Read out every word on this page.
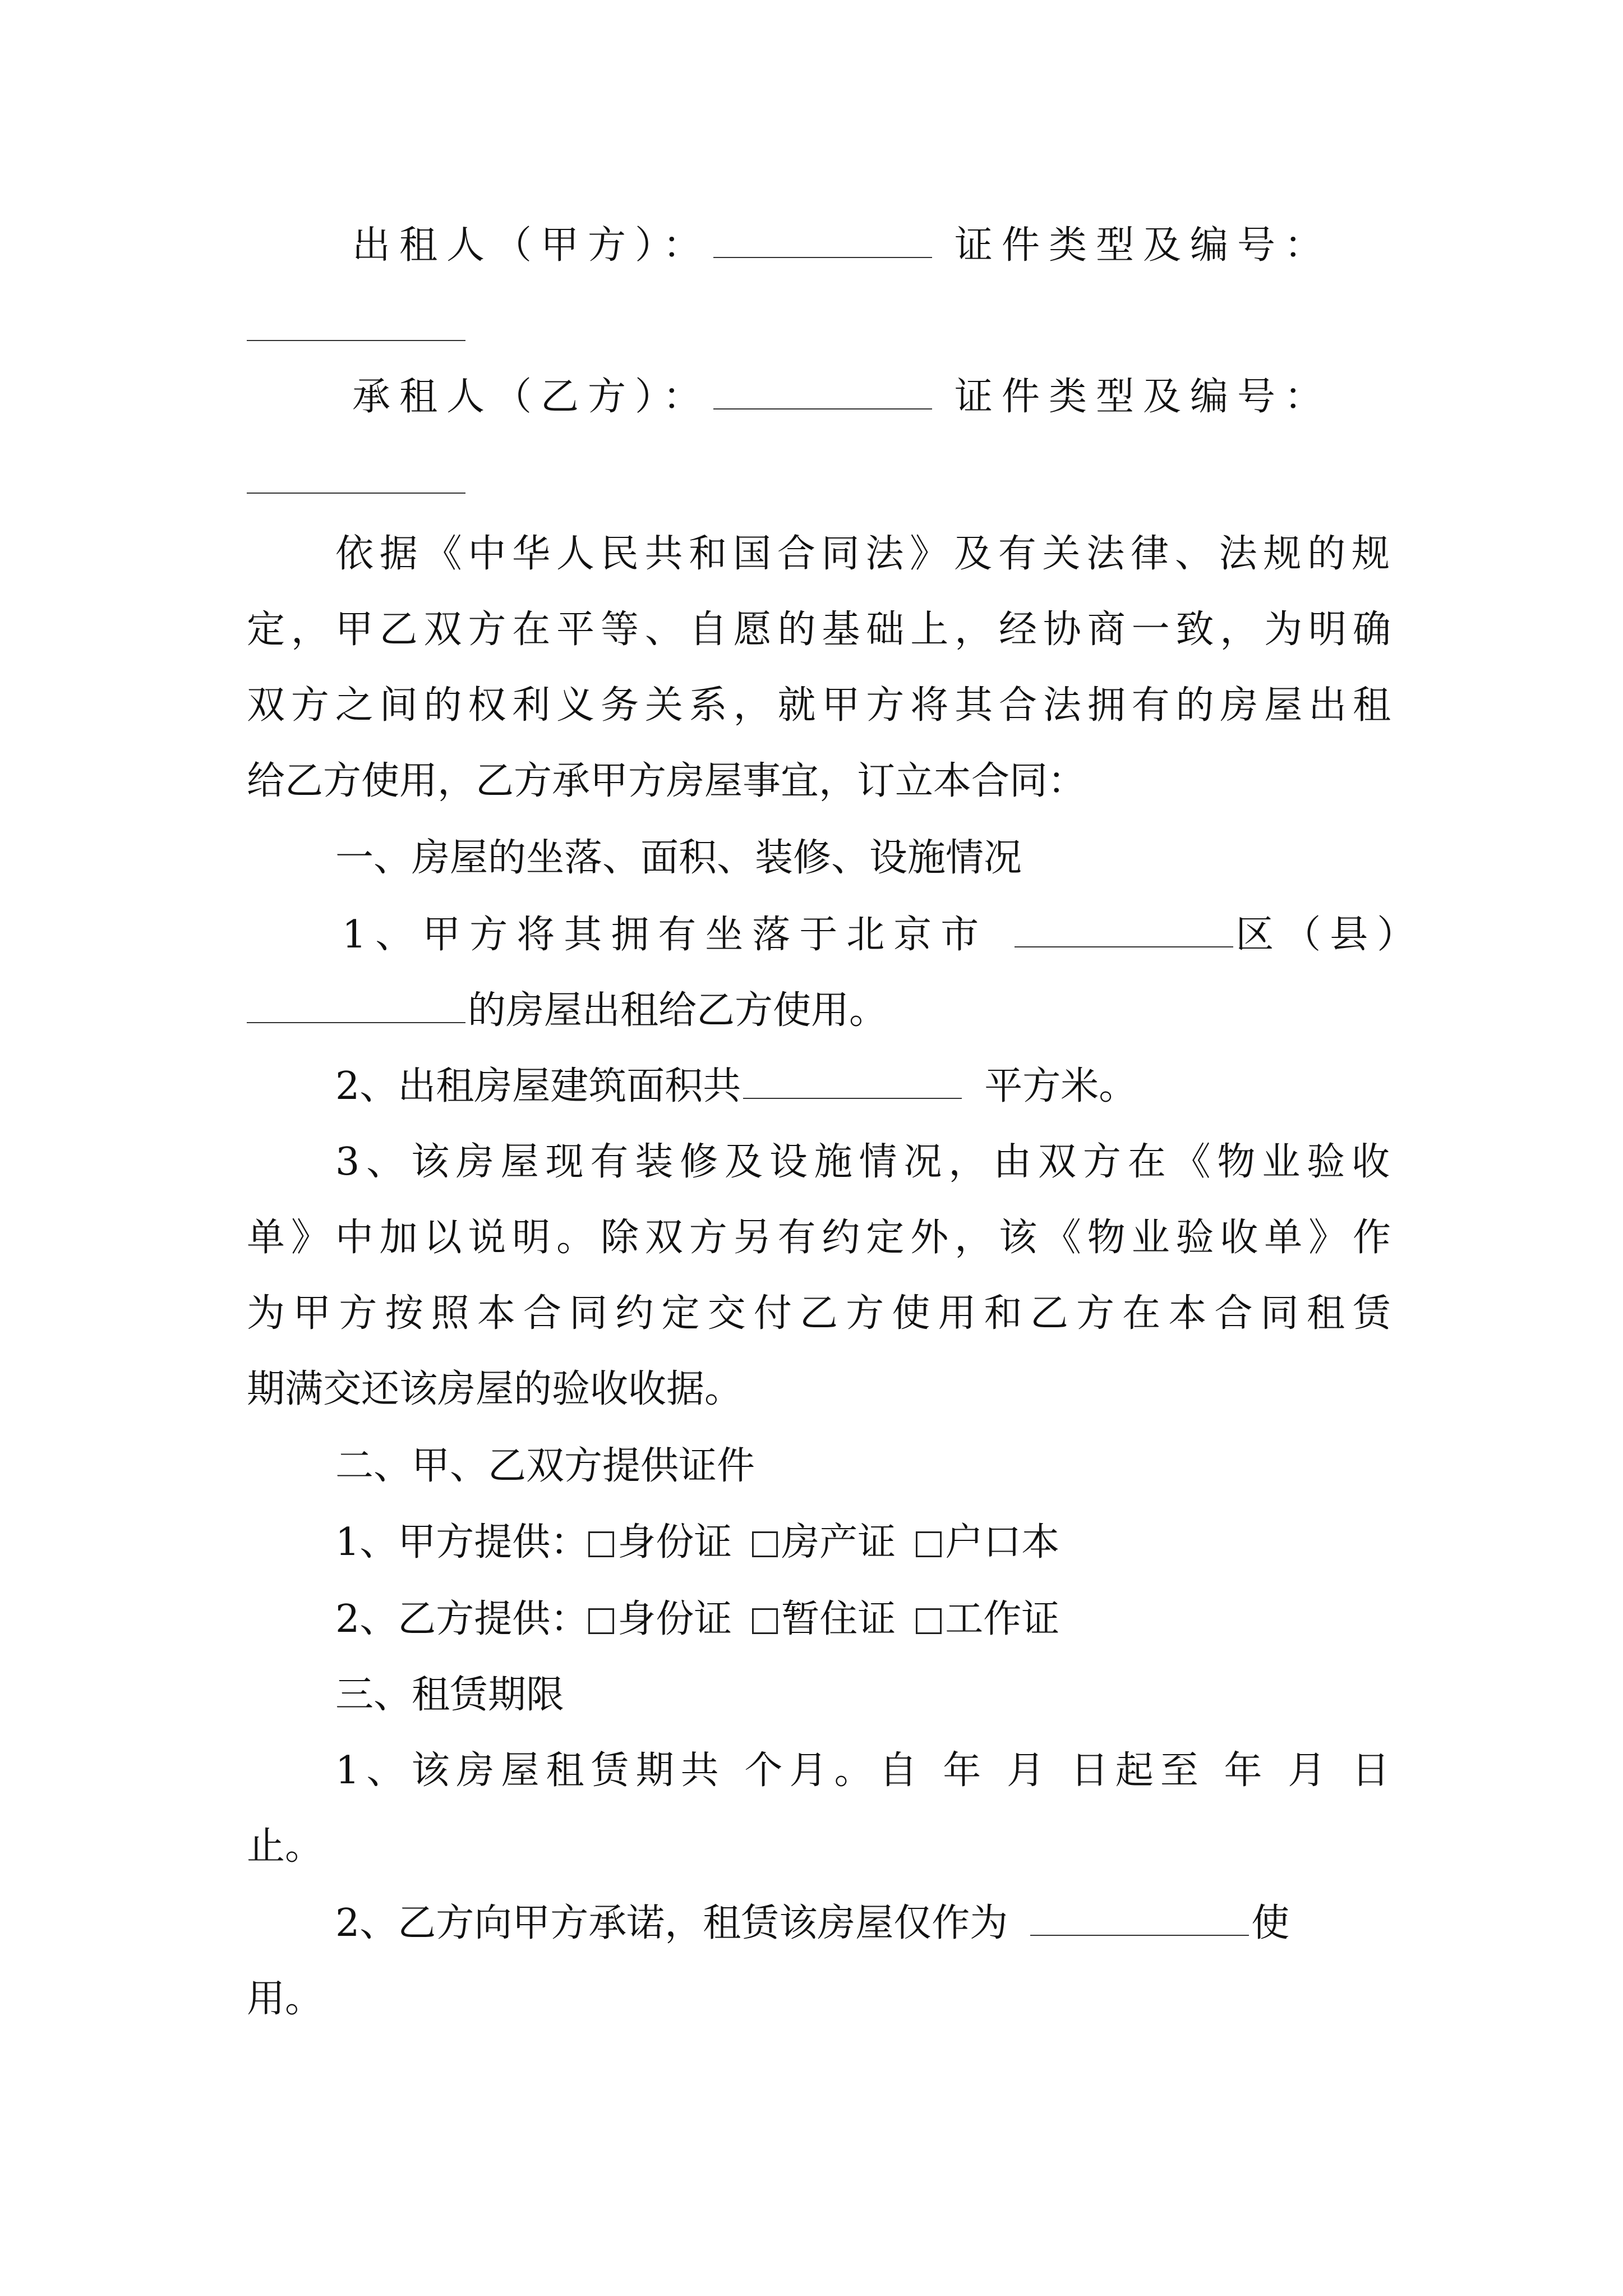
出租人（甲方）：	证件类型及编号：
承租人（乙方）：	证件类型及编号：
依据《中华人民共和国合同法》及有关法律、法规的规
定，甲乙双方在平等、自愿的基础上，经协商一致，为明确
双方之间的权利义务关系，就甲方将其合法拥有的房屋出租
给乙方使用，乙方承甲方房屋事宜，订立本合同：
一、房屋的坐落、面积、装修、设施情况
1、甲方将其拥有坐落于北京市	区（县）
的房屋出租给乙方使用。
2、出租房屋建筑面积共	平方米。
3、该房屋现有装修及设施情况，由双方在《物业验收
单》中加以说明。除双方另有约定外，该《物业验收单》作
为甲方按照本合同约定交付乙方使用和乙方在本合同租赁
期满交还该房屋的验收收据。
二、甲、乙双方提供证件
1、甲方提供： 身份证 房产证 户口本
2、乙方提供： 身份证 暂住证 工作证
三、租赁期限
1、该房屋租赁期共 个月。自 年 月 日起至 年 月 日
止。
2、乙方向甲方承诺，租赁该房屋仅作为	使
用。
